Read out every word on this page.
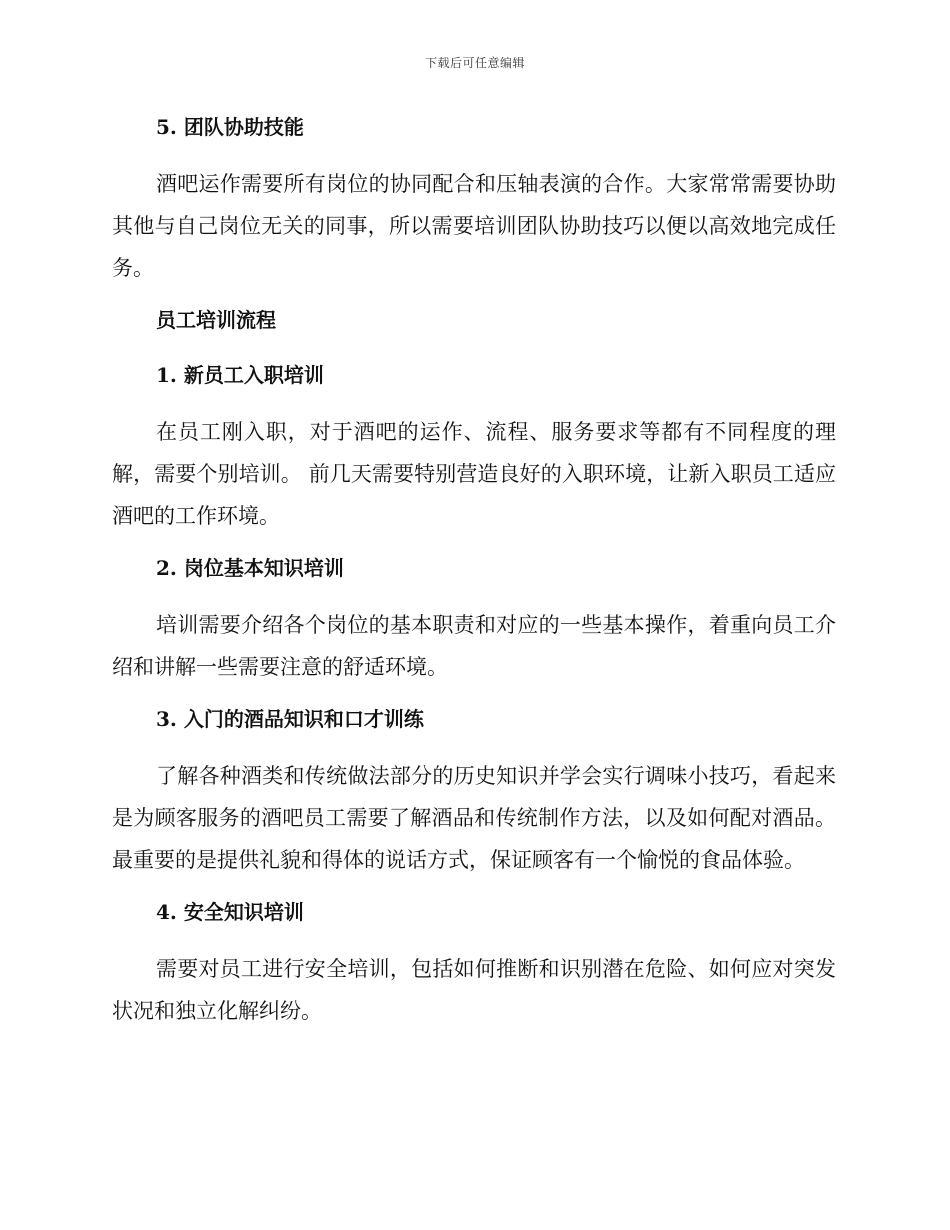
下载后可任意编辑
5. 团队协助技能

酒吧运作需要所有岗位的协同配合和压轴表演的合作。大家常常需要协助其他与自己岗位无关的同事，所以需要培训团队协助技巧以便以高效地完成任务。

员工培训流程
1. 新员工入职培训

在员工刚入职，对于酒吧的运作、流程、服务要求等都有不同程度的理解，需要个别培训。 前几天需要特别营造良好的入职环境，让新入职员工适应酒吧的工作环境。

2. 岗位基本知识培训

培训需要介绍各个岗位的基本职责和对应的一些基本操作，着重向员工介绍和讲解一些需要注意的舒适环境。

3. 入门的酒品知识和口才训练

了解各种酒类和传统做法部分的历史知识并学会实行调味小技巧，看起来是为顾客服务的酒吧员工需要了解酒品和传统制作方法，以及如何配对酒品。最重要的是提供礼貌和得体的说话方式，保证顾客有一个愉悦的食品体验。

4. 安全知识培训

需要对员工进行安全培训，包括如何推断和识别潜在危险、如何应对突发状况和独立化解纠纷。
